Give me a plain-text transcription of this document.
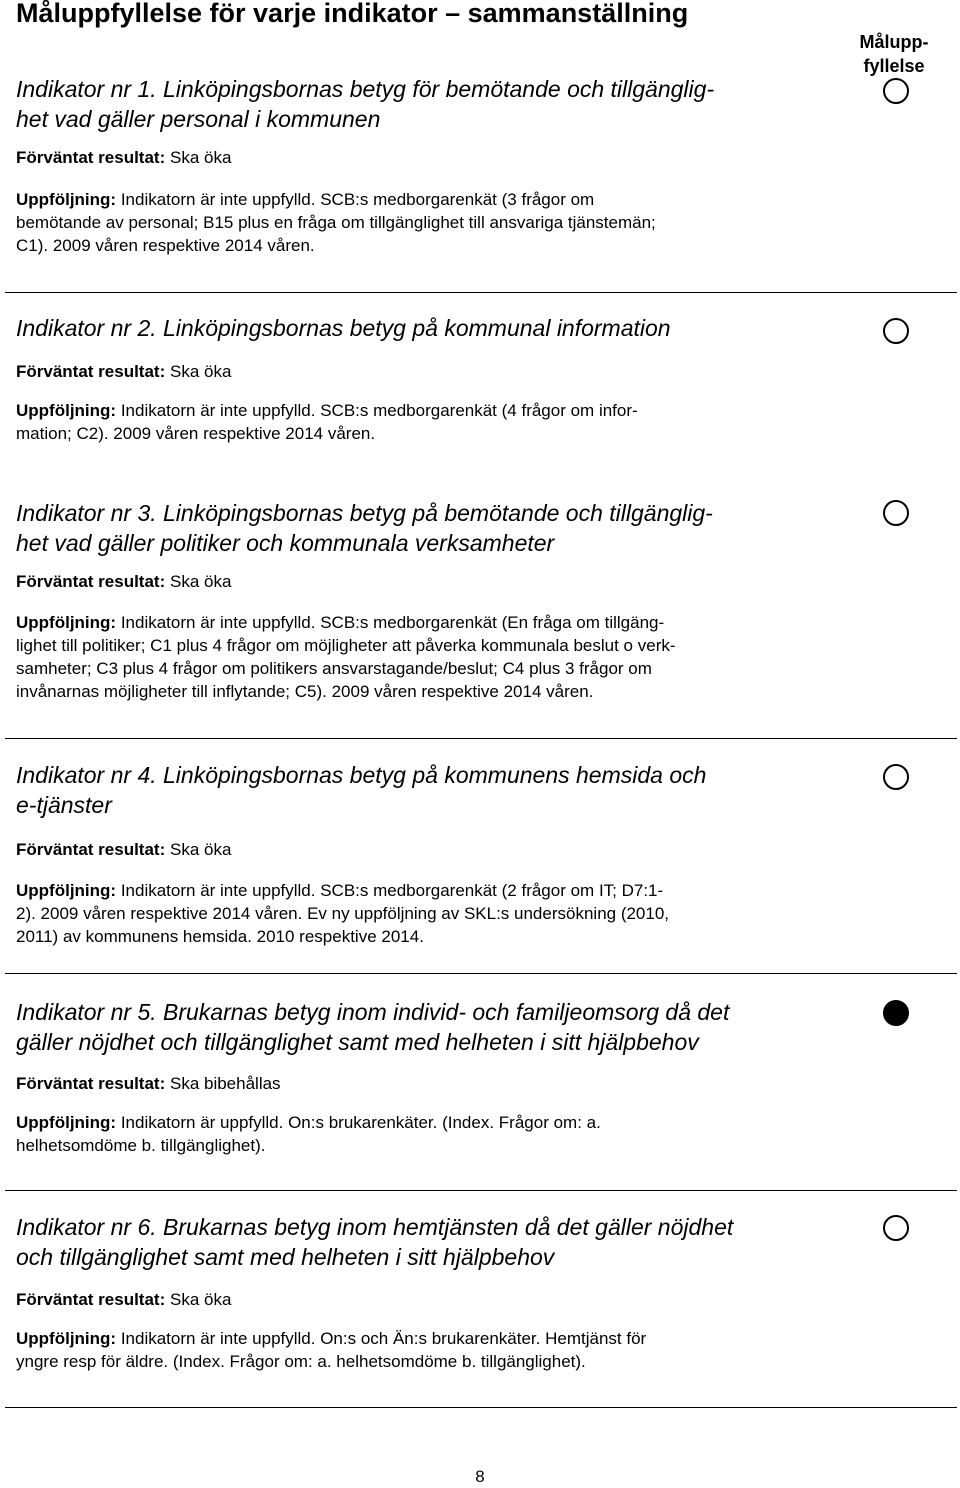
Måluppfyllelse för varje indikator – sammanställning
Målupp-
fyllelse
Indikator nr 1. Linköpingsbornas betyg för bemötande och tillgänglig-
het vad gäller personal i kommunen
Förväntat resultat: Ska öka
Uppföljning: Indikatorn är inte uppfylld. SCB:s medborgarenkät (3 frågor om
bemötande av personal; B15 plus en fråga om tillgänglighet till ansvariga tjänstemän;
C1). 2009 våren respektive 2014 våren.
Indikator nr 2. Linköpingsbornas betyg på kommunal information
Förväntat resultat: Ska öka
Uppföljning: Indikatorn är inte uppfylld. SCB:s medborgarenkät (4 frågor om infor-
mation; C2). 2009 våren respektive 2014 våren.
Indikator nr 3. Linköpingsbornas betyg på bemötande och tillgänglig-
het vad gäller politiker och kommunala verksamheter
Förväntat resultat: Ska öka
Uppföljning: Indikatorn är inte uppfylld. SCB:s medborgarenkät (En fråga om tillgäng-
lighet till politiker; C1 plus 4 frågor om möjligheter att påverka kommunala beslut o verk-
samheter; C3 plus 4 frågor om politikers ansvarstagande/beslut; C4 plus 3 frågor om
invånarnas möjligheter till inflytande; C5). 2009 våren respektive 2014 våren.
Indikator nr 4. Linköpingsbornas betyg på kommunens hemsida och
e-tjänster
Förväntat resultat: Ska öka
Uppföljning: Indikatorn är inte uppfylld. SCB:s medborgarenkät (2 frågor om IT; D7:1-
2). 2009 våren respektive 2014 våren. Ev ny uppföljning av SKL:s undersökning (2010,
2011) av kommunens hemsida. 2010 respektive 2014.
Indikator nr 5. Brukarnas betyg inom individ- och familjeomsorg då det
gäller nöjdhet och tillgänglighet samt med helheten i sitt hjälpbehov
Förväntat resultat: Ska bibehållas
Uppföljning: Indikatorn är uppfylld. On:s brukarenkäter. (Index. Frågor om: a.
helhetsomdöme b. tillgänglighet).
Indikator nr 6. Brukarnas betyg inom hemtjänsten då det gäller nöjdhet
och tillgänglighet samt med helheten i sitt hjälpbehov
Förväntat resultat: Ska öka
Uppföljning: Indikatorn är inte uppfylld. On:s och Än:s brukarenkäter. Hemtjänst för
yngre resp för äldre. (Index. Frågor om: a. helhetsomdöme b. tillgänglighet).
8
